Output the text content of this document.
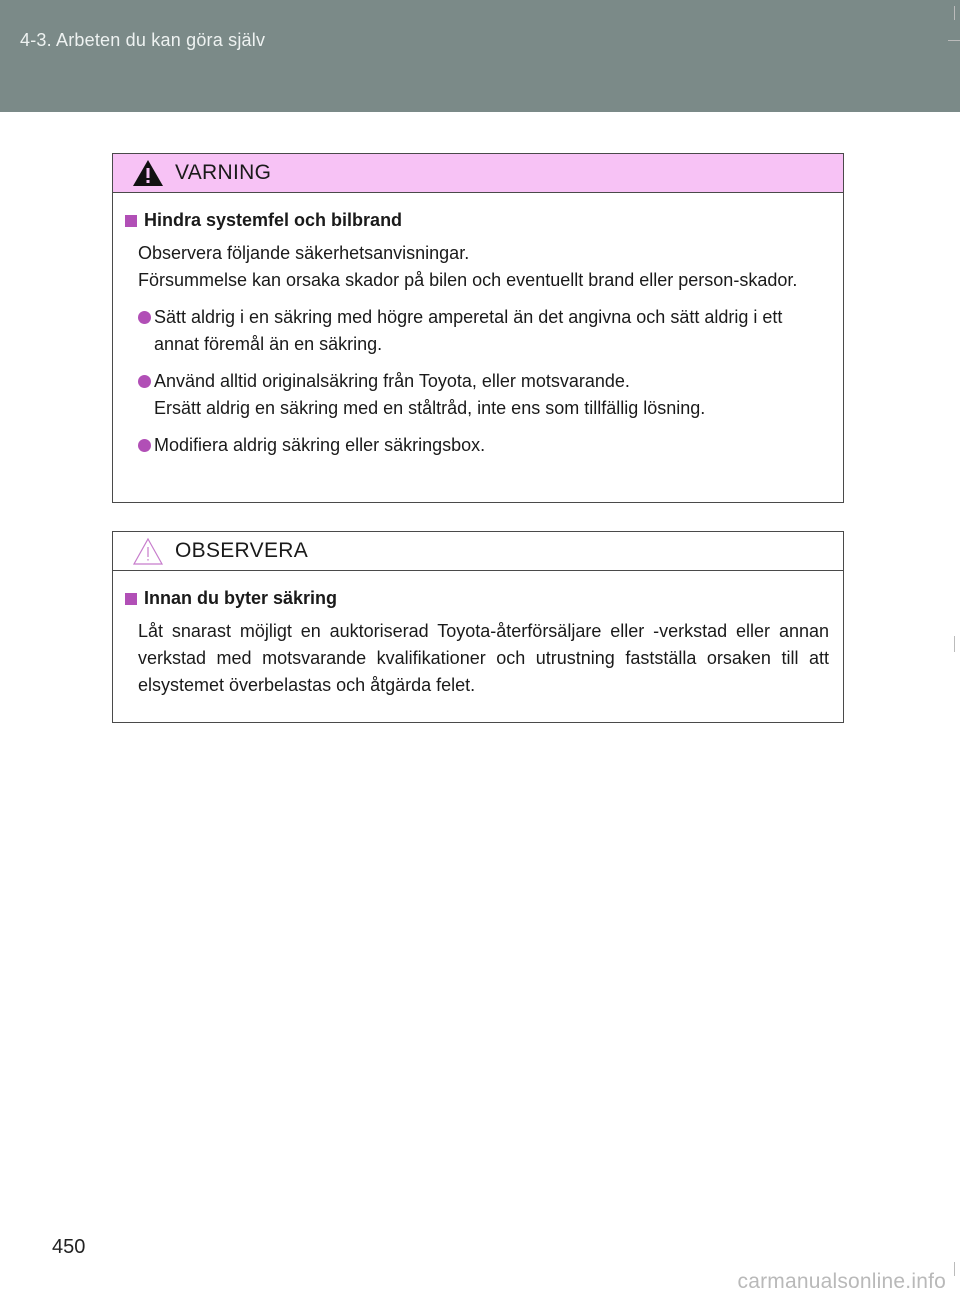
4-3. Arbeten du kan göra själv
VARNING
Hindra systemfel och bilbrand
Observera följande säkerhetsanvisningar.
Försummelse kan orsaka skador på bilen och eventuellt brand eller person-skador.
Sätt aldrig i en säkring med högre amperetal än det angivna och sätt aldrig i ett annat föremål än en säkring.
Använd alltid originalsäkring från Toyota, eller motsvarande.
Ersätt aldrig en säkring med en ståltråd, inte ens som tillfällig lösning.
Modifiera aldrig säkring eller säkringsbox.
OBSERVERA
Innan du byter säkring
Låt snarast möjligt en auktoriserad Toyota-återförsäljare eller -verkstad eller annan verkstad med motsvarande kvalifikationer och utrustning fastställa orsaken till att elsystemet överbelastas och åtgärda felet.
450
carmanualsonline.info
